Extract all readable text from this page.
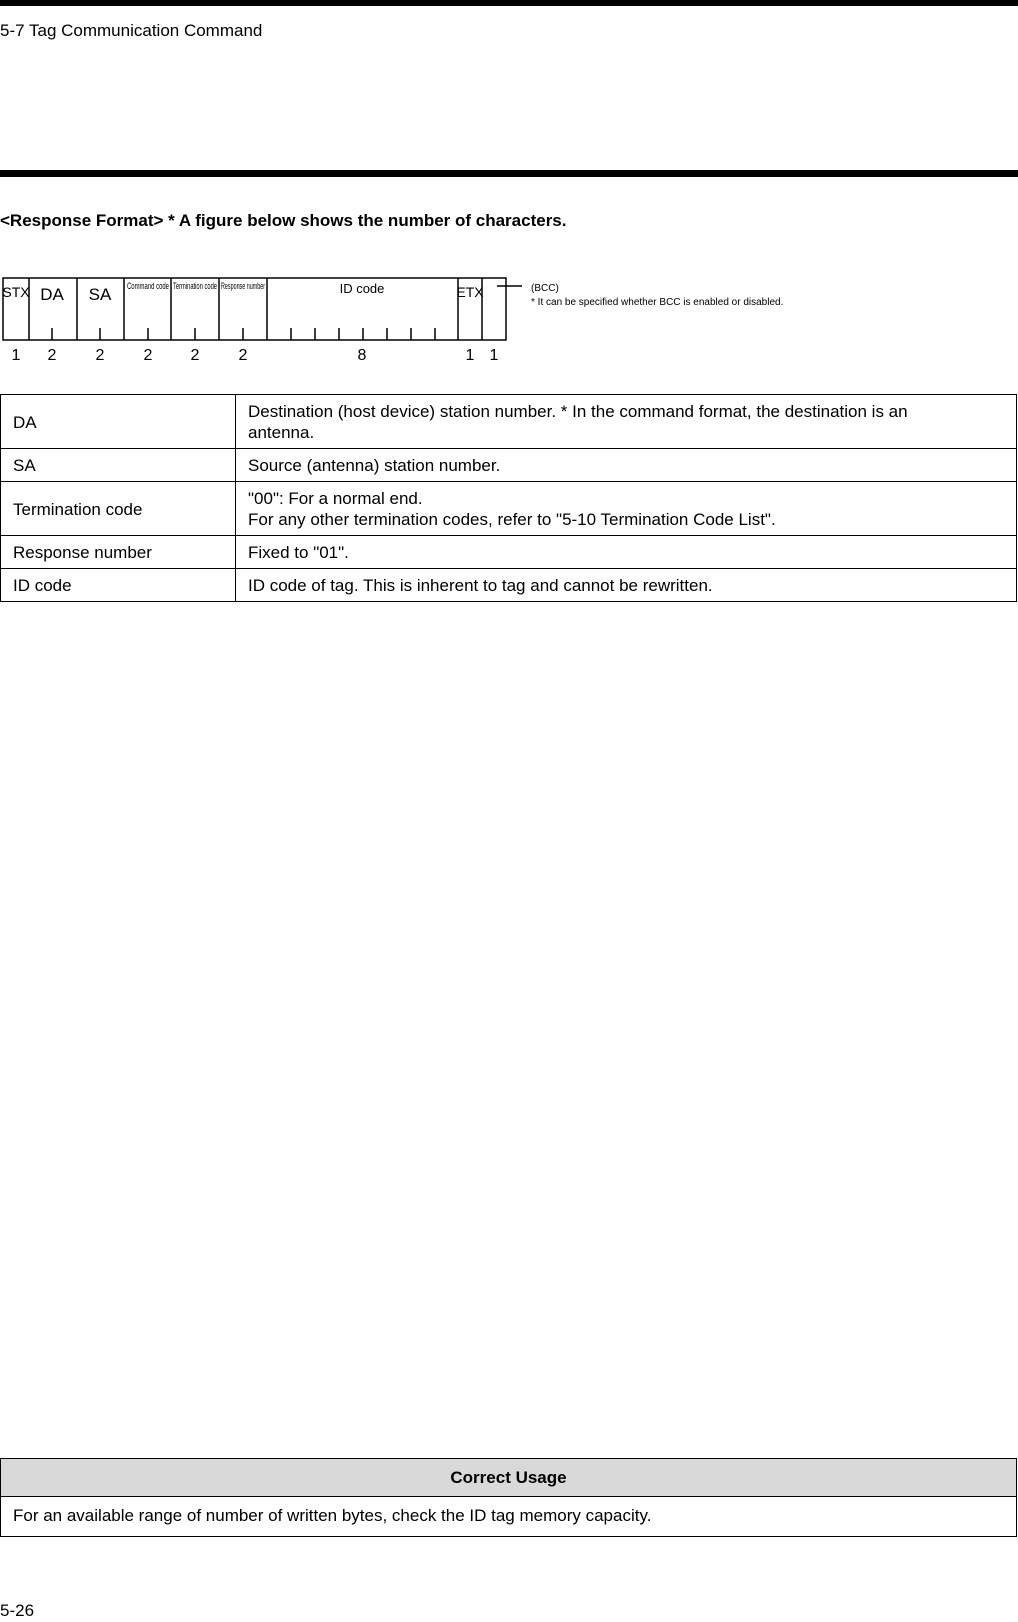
5-7 Tag Communication Command
<Response Format> * A figure below shows the number of characters.
STX DA SA Command code Termination code Response number	ID code	ETX	(BCC)
* It can be specified whether BCC is enabled or disabled.
1 2 2 2 2 2	8	1 1
DA	Destination (host device) station number. * In the command format, the destination is an
antenna.

SA	Source (antenna) station number.

Termination code	"00": For a normal end.
For any other termination codes, refer to "5-10 Termination Code List".

Response number	Fixed to "01".

ID code	ID code of tag. This is inherent to tag and cannot be rewritten.
Correct Usage
For an available range of number of written bytes, check the ID tag memory capacity.
5-26
